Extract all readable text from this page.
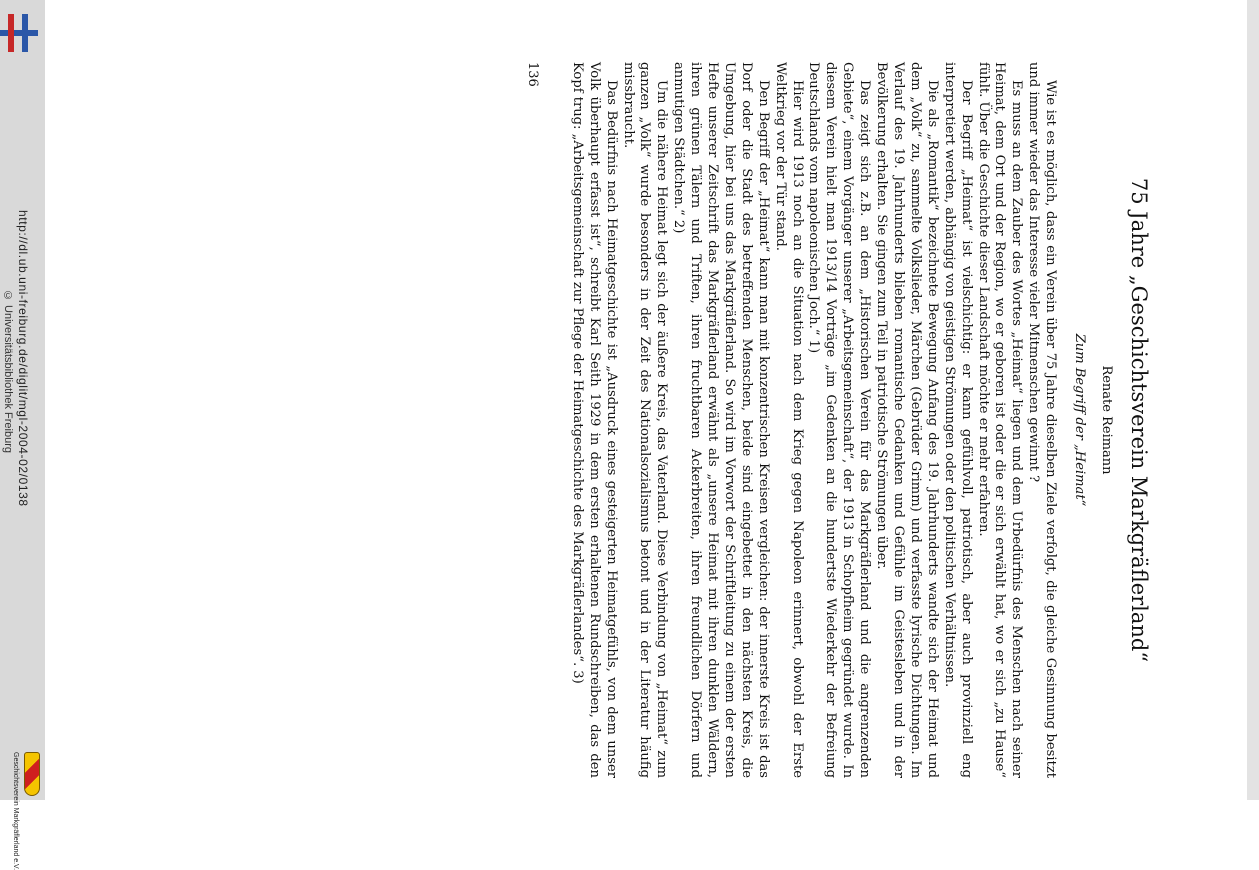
© Universitätsbibliothek Freiburg http://dl.ub.uni-freiburg.de/diglit/mgl-2004-02/0138
Geschichtsverein Markgräflerland e.V.
75 Jahre „Geschichtsverein Markgräflerland“
Renate Reimann
Zum Begriff der „Heimat“

Wie ist es möglich, dass ein Verein über 75 Jahre dieselben Ziele verfolgt, die gleiche Gesinnung besitzt und immer wieder das Interesse vieler Mitmenschen gewinnt ?

Es muss an dem Zauber des Wortes „Heimat“ liegen und dem Urbedürfnis des Menschen nach seiner Heimat, dem Ort und der Region, wo er geboren ist oder die er sich erwählt hat, wo er sich „zu Hause“ fühlt. Über die Geschichte dieser Landschaft möchte er mehr erfahren.

Der Begriff „Heimat“ ist vielschichtig: er kann gefühlvoll, patriotisch, aber auch provinziell eng interpretiert werden, abhängig von geistigen Strömungen oder den politischen Verhältnissen.

Die als „Romantik“ bezeichnete Bewegung Anfang des 19. Jahrhunderts wandte sich der Heimat und dem „Volk“ zu, sammelte Volkslieder, Märchen (Gebrüder Grimm) und verfasste lyrische Dichtungen. Im Verlauf des 19. Jahrhunderts blieben romantische Gedanken und Gefühle im Geistesleben und in der Bevölkerung erhalten. Sie gingen zum Teil in patriotische Strömungen über.

Das zeigt sich z.B. an dem „Historischen Verein für das Markgräflerland und die angrenzenden Gebiete“, einem Vorgänger unserer „Arbeitsgemeinschaft“, der 1913 in Schopfheim gegründet wurde. In diesem Verein hielt man 1913/14 Vorträge „im Gedenken an die hundertste Wiederkehr der Befreiung Deutschlands vom napoleonischen Joch.“ 1)

Hier wird 1913 noch an die Situation nach dem Krieg gegen Napoleon erinnert, obwohl der Erste Weltkrieg vor der Tür stand.

Den Begriff der „Heimat“ kann man mit konzentrischen Kreisen vergleichen: der innerste Kreis ist das Dorf oder die Stadt des betreffenden Menschen, beide sind eingebettet in den nächsten Kreis, die Umgebung, hier bei uns das Markgräflerland. So wird im Vorwort der Schriftleitung zu einem der ersten Hefte unserer Zeitschrift das Markgräflerland erwähnt als „unsere Heimat mit ihren dunklen Wäldern, ihren grünen Tälern und Triften, ihren fruchtbaren Ackerbreiten, ihren freundlichen Dörfern und anmutigen Städtchen.“ 2)

Um die nähere Heimat legt sich der äußere Kreis, das Vaterland. Diese Verbindung von „Heimat“ zum ganzen „Volk“ wurde besonders in der Zeit des Nationalsozialismus betont und in der Literatur häufig missbraucht.

Das Bedürfnis nach Heimatgeschichte ist „Ausdruck eines gesteigerten Heimatgefühls, von dem unser Volk überhaupt erfasst ist“, schreibt Karl Seith 1929 in dem ersten erhaltenen Rundschreiben, das den Kopf trug: „Arbeitsgemeinschaft zur Pflege der Heimatgeschichte des Markgräflerlandes“. 3)

136
